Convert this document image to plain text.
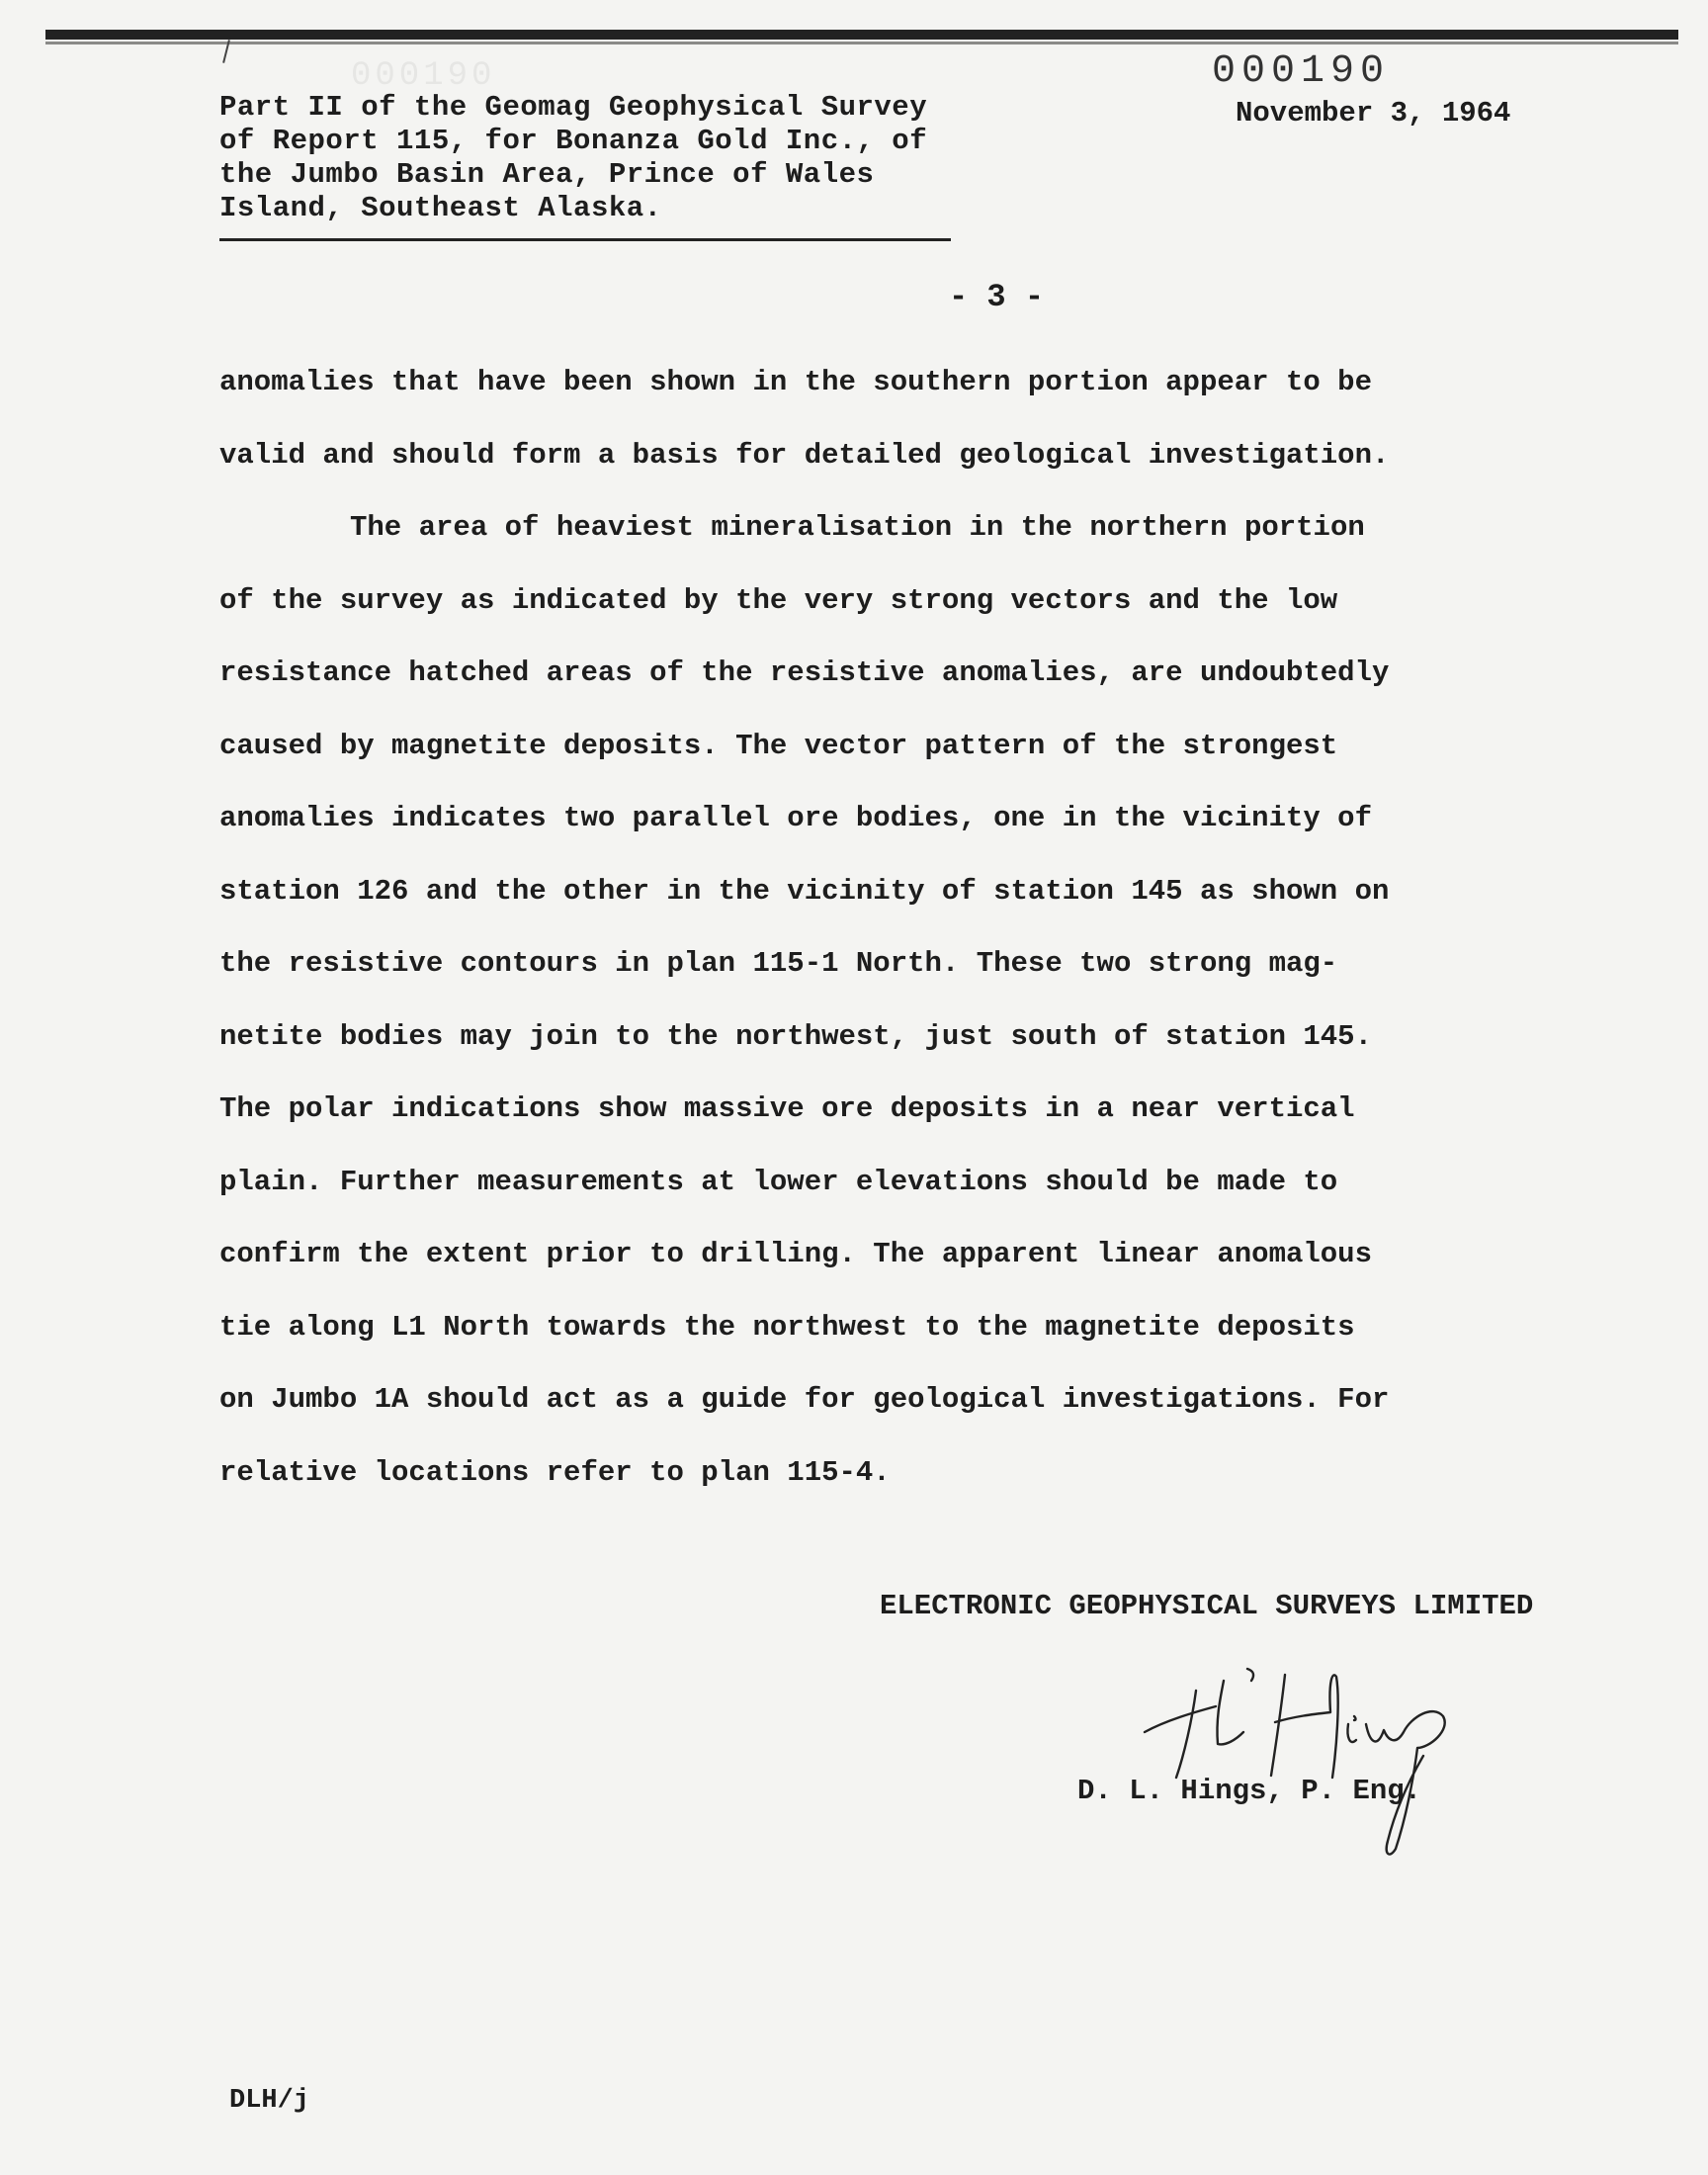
000190
Part II of the Geomag Geophysical Survey
of Report 115, for Bonanza Gold Inc., of
the Jumbo Basin Area, Prince of Wales
Island, Southeast Alaska.
000190
November 3, 1964
- 3 -
anomalies that have been shown in the southern portion appear to be
valid and should form a basis for detailed geological investigation.
The area of heaviest mineralisation in the northern portion
of the survey as indicated by the very strong vectors and the low
resistance hatched areas of the resistive anomalies, are undoubtedly
caused by magnetite deposits. The vector pattern of the strongest
anomalies indicates two parallel ore bodies, one in the vicinity of
station 126 and the other in the vicinity of station 145 as shown on
the resistive contours in plan 115-1 North. These two strong mag-
netite bodies may join to the northwest, just south of station 145.
The polar indications show massive ore deposits in a near vertical
plain. Further measurements at lower elevations should be made to
confirm the extent prior to drilling. The apparent linear anomalous
tie along L1 North towards the northwest to the magnetite deposits
on Jumbo 1A should act as a guide for geological investigations. For
relative locations refer to plan 115-4.
ELECTRONIC GEOPHYSICAL SURVEYS LIMITED
D. L. Hings, P. Eng.
DLH/j
